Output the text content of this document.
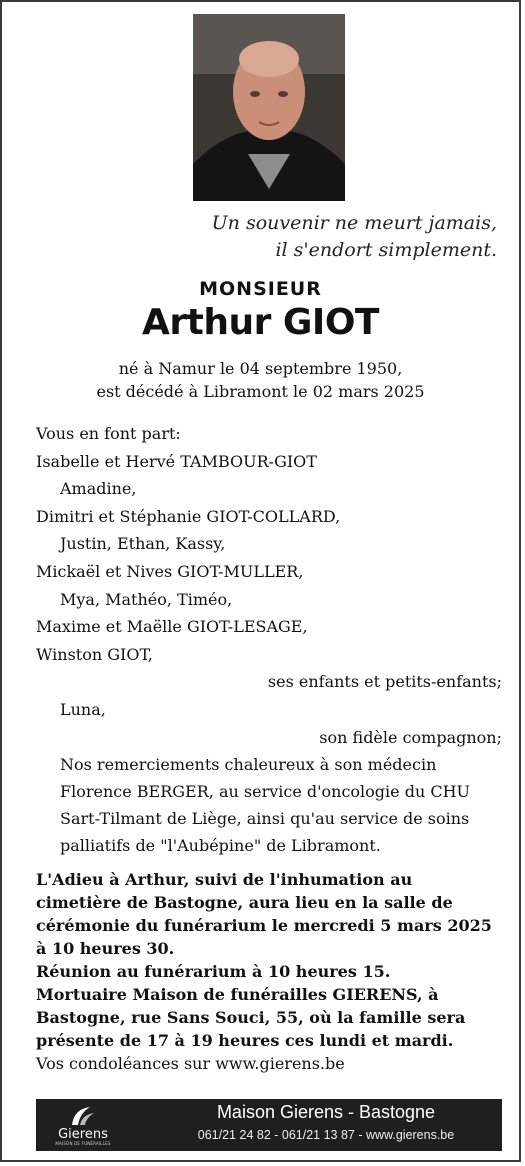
Un souvenir ne meurt jamais,
il s'endort simplement.
MONSIEUR
Arthur GIOT
né à Namur le 04 septembre 1950,
est décédé à Libramont le 02 mars 2025
Vous en font part:
Isabelle et Hervé TAMBOUR-GIOT
Amadine,
Dimitri et Stéphanie GIOT-COLLARD,
Justin, Ethan, Kassy,
Mickaël et Nives GIOT-MULLER,
Mya, Mathéo, Timéo,
Maxime et Maëlle GIOT-LESAGE,
Winston GIOT,
ses enfants et petits-enfants;
Luna,
son fidèle compagnon;
Nos remerciements chaleureux à son médecin Florence BERGER, au service d'oncologie du CHU Sart-Tilmant de Liège, ainsi qu'au service de soins palliatifs de "l'Aubépine" de Libramont.
L'Adieu à Arthur, suivi de l'inhumation au cimetière de Bastogne, aura lieu en la salle de cérémonie du funérarium le mercredi 5 mars 2025 à 10 heures 30.
Réunion au funérarium à 10 heures 15.
Mortuaire Maison de funérailles GIERENS, à Bastogne, rue Sans Souci, 55, où la famille sera présente de 17 à 19 heures ces lundi et mardi.
Vos condoléances sur www.gierens.be
Gierens
MAISON DE FUNÉRAILLES
Maison Gierens - Bastogne
061/21 24 82 - 061/21 13 87 - www.gierens.be
